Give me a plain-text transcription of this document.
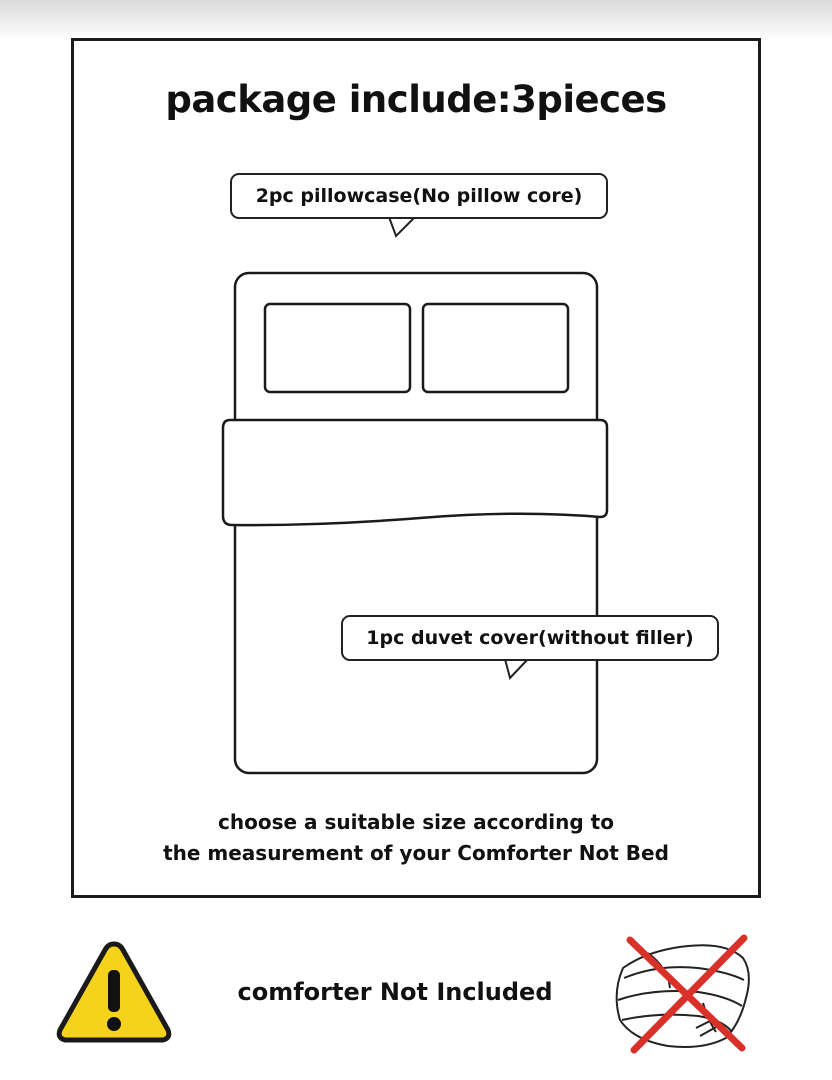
package include:3pieces
2pc pillowcase(No pillow core)
1pc duvet cover(without filler)
choose a suitable size according to
the measurement of your Comforter Not Bed
comforter Not Included
